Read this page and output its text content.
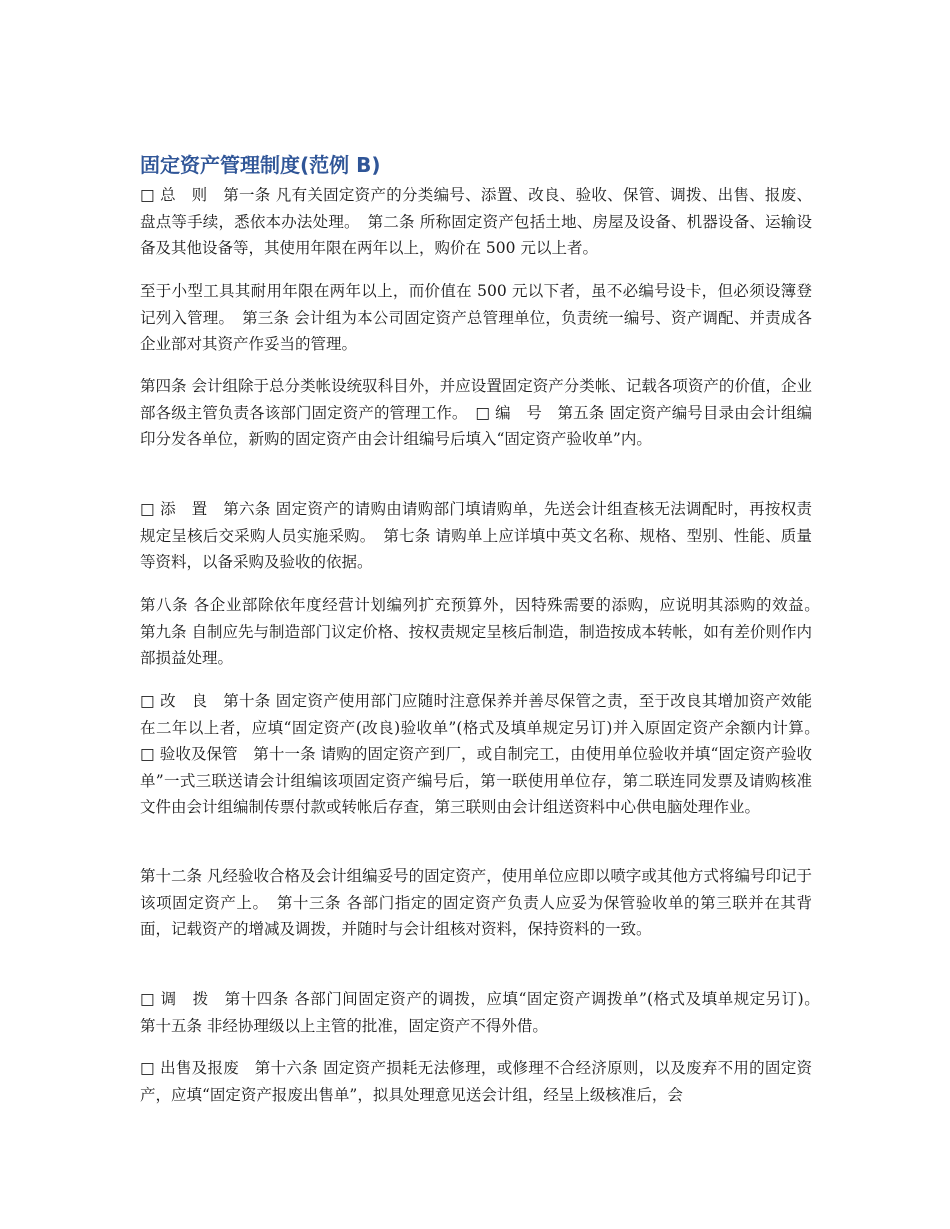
固定资产管理制度(范例 B)
□ 总　则　第一条 凡有关固定资产的分类编号、添置、改良、验收、保管、调拨、出售、报废、盘点等手续，悉依本办法处理。　第二条 所称固定资产包括土地、房屋及设备、机器设备、运输设备及其他设备等，其使用年限在两年以上，购价在 500 元以上者。
至于小型工具其耐用年限在两年以上，而价值在 500 元以下者，虽不必编号设卡，但必须设簿登记列入管理。　第三条 会计组为本公司固定资产总管理单位，负责统一编号、资产调配、并责成各企业部对其资产作妥当的管理。
第四条 会计组除于总分类帐设统驭科目外，并应设置固定资产分类帐、记载各项资产的价值，企业部各级主管负责各该部门固定资产的管理工作。　□ 编　号　第五条 固定资产编号目录由会计组编印分发各单位，新购的固定资产由会计组编号后填入“固定资产验收单”内。
□ 添　置　第六条 固定资产的请购由请购部门填请购单，先送会计组查核无法调配时，再按权责规定呈核后交采购人员实施采购。　第七条 请购单上应详填中英文名称、规格、型别、性能、质量等资料，以备采购及验收的依据。
第八条 各企业部除依年度经营计划编列扩充预算外，因特殊需要的添购，应说明其添购的效益。　第九条 自制应先与制造部门议定价格、按权责规定呈核后制造，制造按成本转帐，如有差价则作内部损益处理。
□ 改　良　第十条 固定资产使用部门应随时注意保养并善尽保管之责，至于改良其增加资产效能在二年以上者，应填“固定资产(改良)验收单”(格式及填单规定另订)并入原固定资产余额内计算。　□ 验收及保管　第十一条 请购的固定资产到厂，或自制完工，由使用单位验收并填“固定资产验收单”一式三联送请会计组编该项固定资产编号后，第一联使用单位存，第二联连同发票及请购核准文件由会计组编制传票付款或转帐后存查，第三联则由会计组送资料中心供电脑处理作业。
第十二条 凡经验收合格及会计组编妥号的固定资产，使用单位应即以喷字或其他方式将编号印记于该项固定资产上。　第十三条 各部门指定的固定资产负责人应妥为保管验收单的第三联并在其背面，记载资产的增减及调拨，并随时与会计组核对资料，保持资料的一致。
□ 调　拨　第十四条 各部门间固定资产的调拨，应填“固定资产调拨单”(格式及填单规定另订)。　第十五条 非经协理级以上主管的批准，固定资产不得外借。
□ 出售及报废　第十六条 固定资产损耗无法修理，或修理不合经济原则，以及废弃不用的固定资产，应填“固定资产报废出售单”，拟具处理意见送会计组，经呈上级核准后，会
